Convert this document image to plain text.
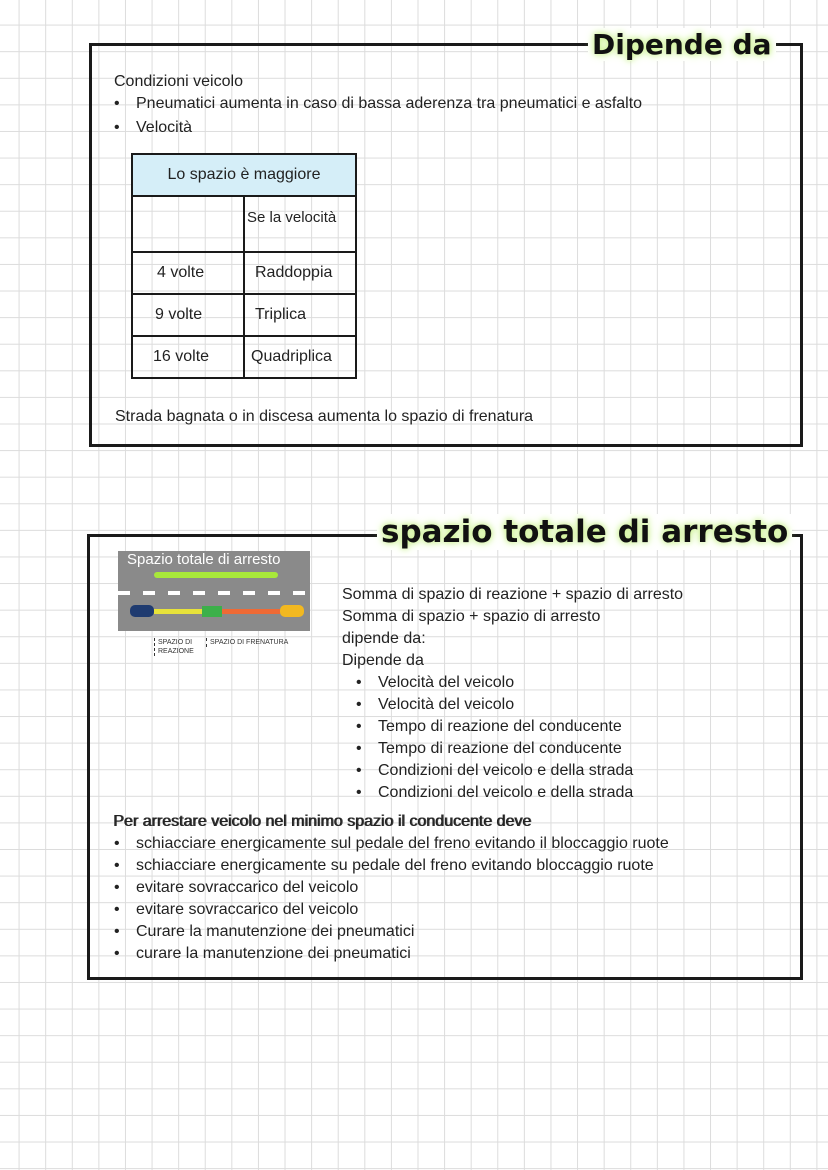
Dipende da
Condizioni veicolo
• Pneumatici aumenta in caso di bassa aderenza tra pneumatici e asfalto
• Velocità
Lo spazio è maggiore	
	Se la velocità
4 volte	Raddoppia
9 volte	Triplica
16 volte	Quadriplica
Strada bagnata o in discesa aumenta lo spazio di frenatura
spazio totale di arresto
Spazio totale di arresto
SPAZIO DI REAZIONE
SPAZIO DI FRENATURA
Somma di spazio di reazione + spazio di arresto
Somma di spazio + spazio di arresto
dipende da:
Dipende da
• Velocità del veicolo
• Velocità del veicolo
• Tempo di reazione del conducente
• Tempo di reazione del conducente
• Condizioni del veicolo e della strada
• Condizioni del veicolo e della strada
Per arrestare veicolo nel minimo spazio il conducente deve
• schiacciare energicamente sul pedale del freno evitando il bloccaggio ruote
• schiacciare energicamente su pedale del freno evitando bloccaggio ruote
• evitare sovraccarico del veicolo
• evitare sovraccarico del veicolo
• Curare la manutenzione dei pneumatici
• curare la manutenzione dei pneumatici
